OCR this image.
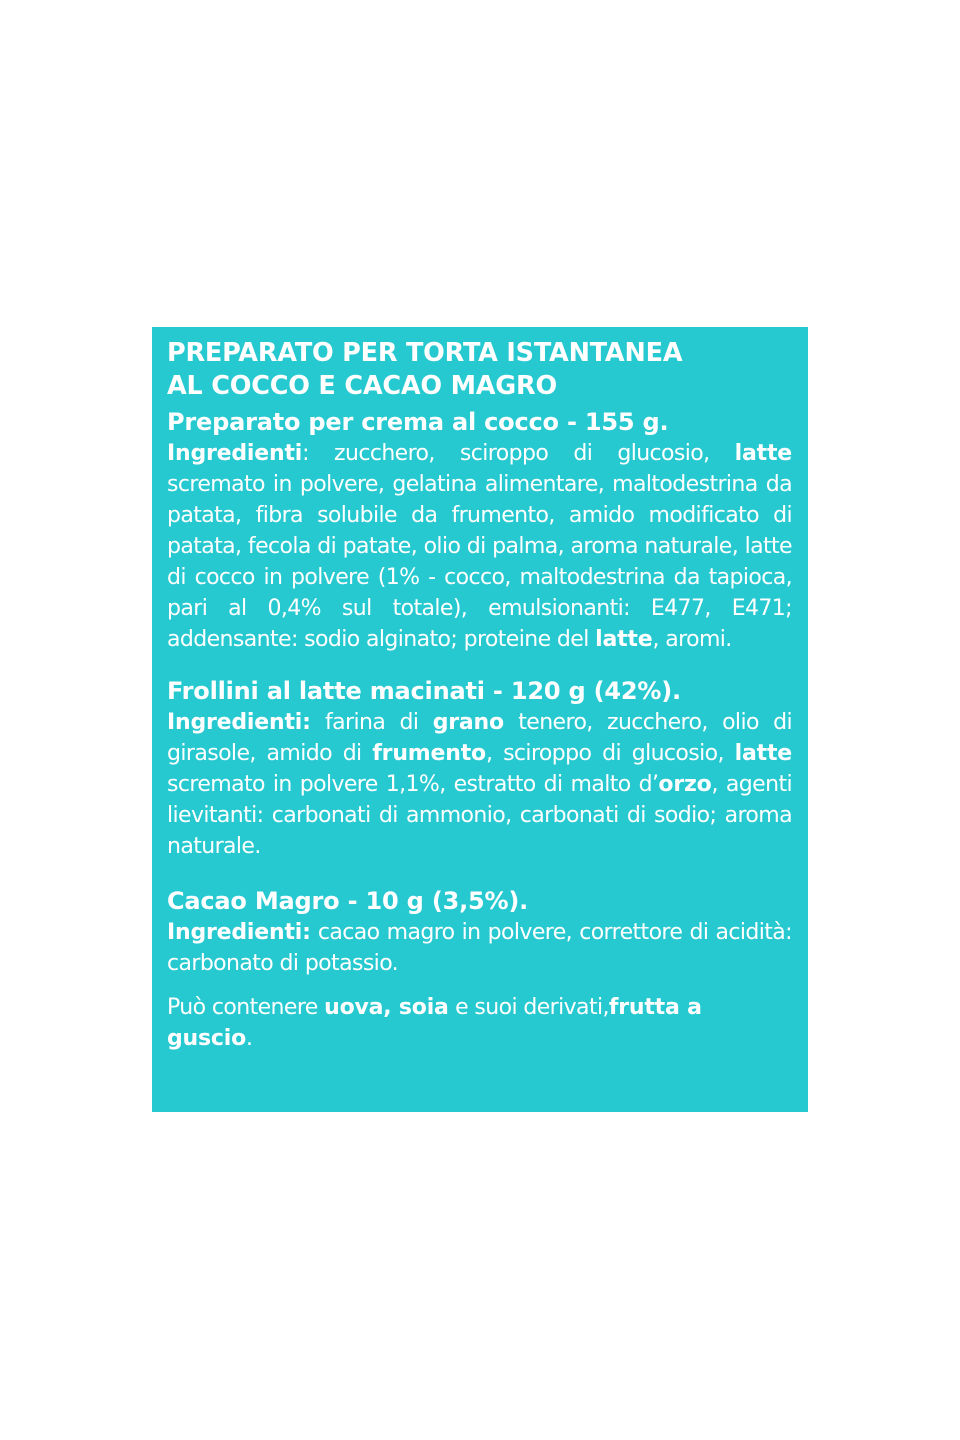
PREPARATO PER TORTA ISTANTANEA
AL COCCO E CACAO MAGRO
Preparato per crema al cocco - 155 g.

Ingredienti: zucchero, sciroppo di glucosio, latte scremato in polvere, gelatina alimentare, maltodestrina da patata, fibra solubile da frumento, amido modificato di patata, fecola di patate, olio di palma, aroma naturale, latte di cocco in polvere (1% - cocco, maltodestrina da tapioca, pari al 0,4% sul totale), emulsionanti: E477, E471; addensante: sodio alginato; proteine del latte, aromi.

Frollini al latte macinati - 120 g (42%).

Ingredienti: farina di grano tenero, zucchero, olio di girasole, amido di frumento, sciroppo di glucosio, latte scremato in polvere 1,1%, estratto di malto d’orzo, agenti lievitanti: carbonati di ammonio, carbonati di sodio; aroma naturale.

Cacao Magro - 10 g (3,5%).

Ingredienti: cacao magro in polvere, correttore di acidità: carbonato di potassio.

Può contenere uova, soia e suoi derivati,frutta a guscio.
